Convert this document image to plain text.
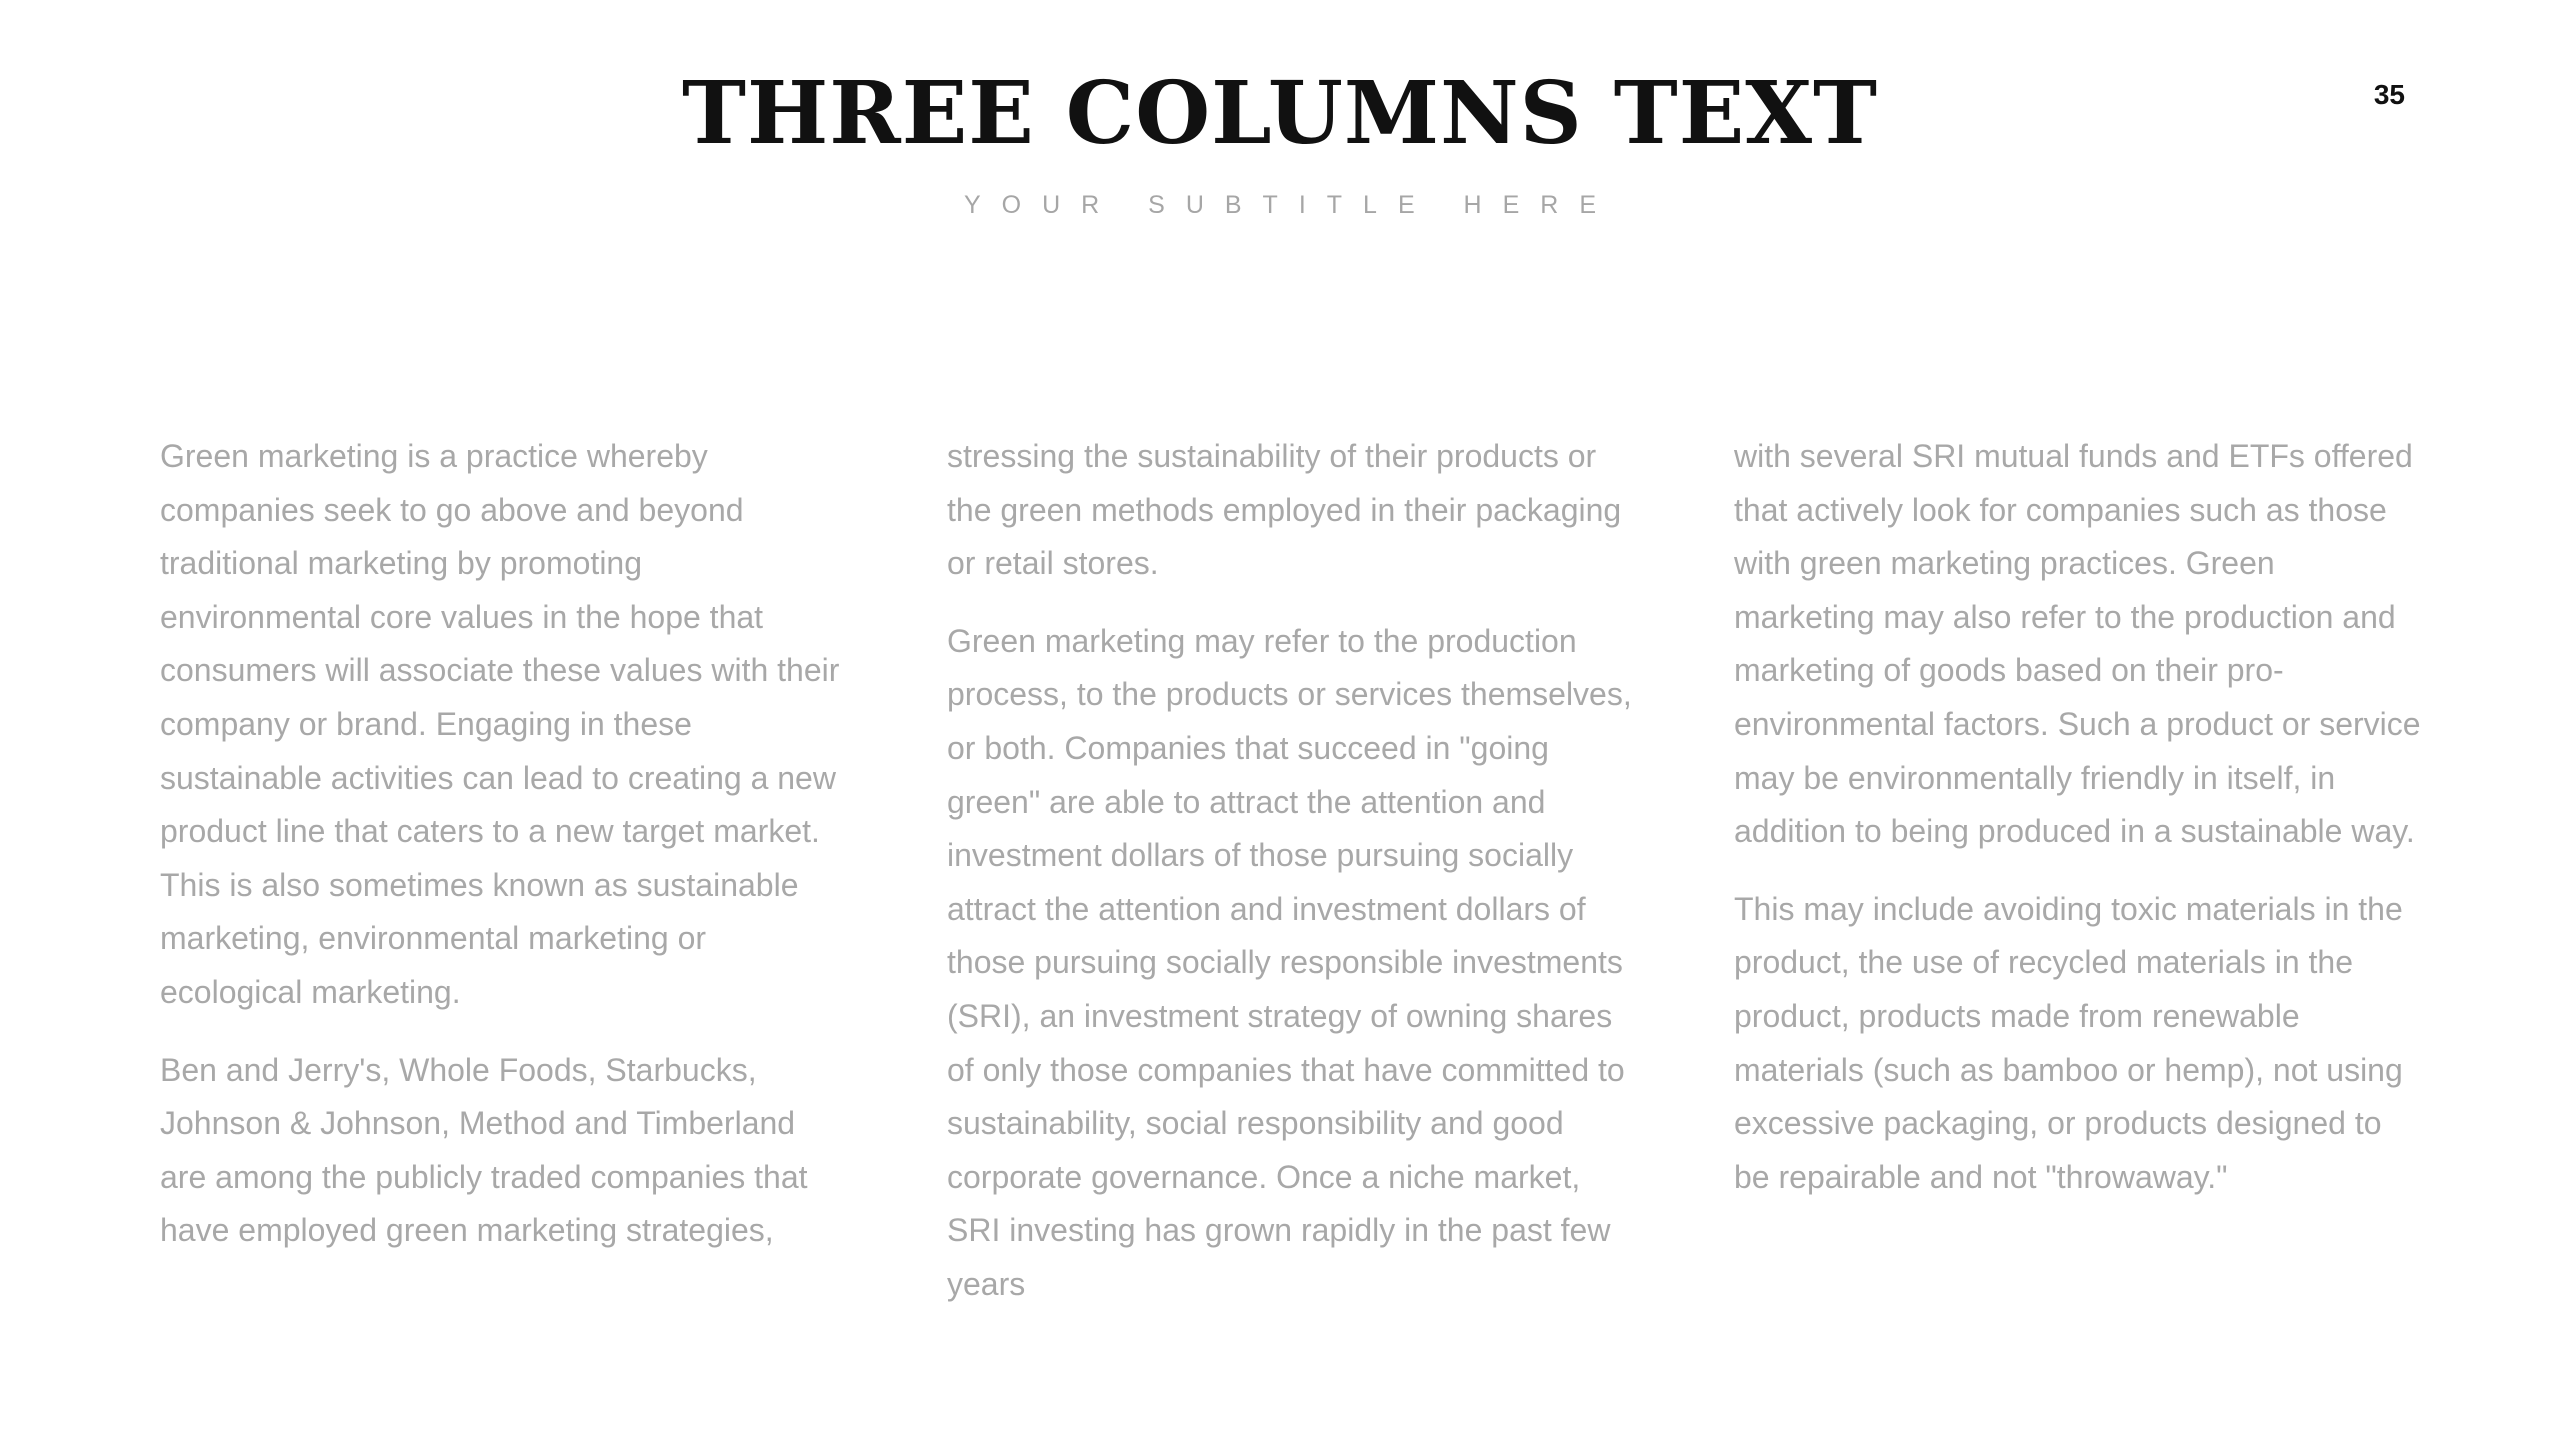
THREE COLUMNS TEXT
YOUR SUBTITLE HERE
35

Green marketing is a practice whereby companies seek to go above and beyond traditional marketing by promoting environmental core values in the hope that consumers will associate these values with their company or brand. Engaging in these sustainable activities can lead to creating a new product line that caters to a new target market. This is also sometimes known as sustainable marketing, environmental marketing or ecological marketing.

Ben and Jerry's, Whole Foods, Starbucks, Johnson & Johnson, Method and Timberland are among the publicly traded companies that have employed green marketing strategies,

stressing the sustainability of their products or the green methods employed in their packaging or retail stores.

Green marketing may refer to the production process, to the products or services themselves, or both. Companies that succeed in "going green" are able to attract the attention and investment dollars of those pursuing socially attract the attention and investment dollars of those pursuing socially responsible investments (SRI), an investment strategy of owning shares of only those companies that have committed to sustainability, social responsibility and good corporate governance. Once a niche market, SRI investing has grown rapidly in the past few years

with several SRI mutual funds and ETFs offered that actively look for companies such as those with green marketing practices. Green marketing may also refer to the production and marketing of goods based on their pro-environmental factors. Such a product or service may be environmentally friendly in itself, in addition to being produced in a sustainable way.

This may include avoiding toxic materials in the product, the use of recycled materials in the product, products made from renewable materials (such as bamboo or hemp), not using excessive packaging, or products designed to be repairable and not "throwaway."
